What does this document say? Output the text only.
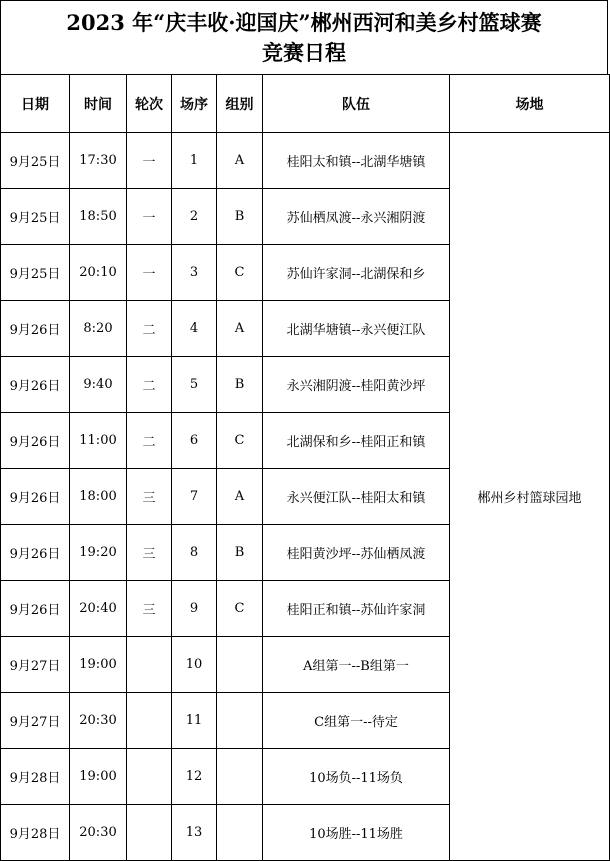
2023 年“庆丰收·迎国庆”郴州西河和美乡村篮球赛
竞赛日程
日期	时间	轮次	场序	组别	队伍	场地
9月25日	17:30	一	1	A	桂阳太和镇--北湖华塘镇	郴州乡村篮球园地
9月25日	18:50	一	2	B	苏仙栖凤渡--永兴湘阴渡	
9月25日	20:10	一	3	C	苏仙许家洞--北湖保和乡	
9月26日	8:20	二	4	A	北湖华塘镇--永兴便江队	
9月26日	9:40	二	5	B	永兴湘阴渡--桂阳黄沙坪	
9月26日	11:00	二	6	C	北湖保和乡--桂阳正和镇	
9月26日	18:00	三	7	A	永兴便江队--桂阳太和镇	
9月26日	19:20	三	8	B	桂阳黄沙坪--苏仙栖凤渡	
9月26日	20:40	三	9	C	桂阳正和镇--苏仙许家洞	
9月27日	19:00		10		A组第一--B组第一	
9月27日	20:30		11		C组第一--待定	
9月28日	19:00		12		10场负--11场负	
9月28日	20:30		13		10场胜--11场胜	
